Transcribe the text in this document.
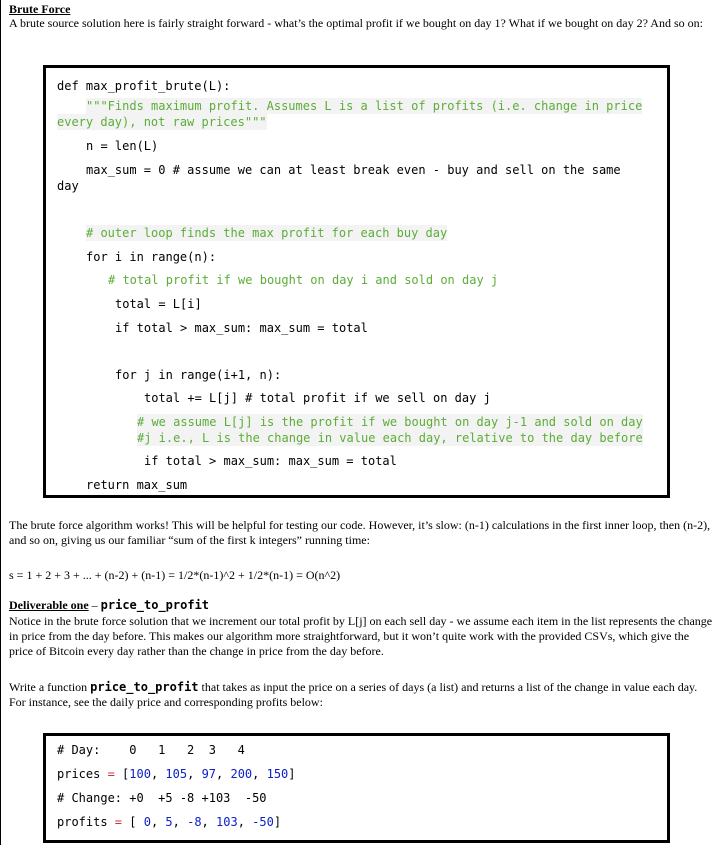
Brute Force
A brute source solution here is fairly straight forward - what’s the optimal profit if we bought on day 1? What if we bought on day 2? And so on:
def max_profit_brute(L):
"""Finds maximum profit. Assumes L is a list of profits (i.e. change in price
every day), not raw prices"""
n = len(L)
max_sum = 0 # assume we can at least break even - buy and sell on the same
day
# outer loop finds the max profit for each buy day
for i in range(n):
# total profit if we bought on day i and sold on day j
total = L[i]
if total > max_sum: max_sum = total
for j in range(i+1, n):
total += L[j] # total profit if we sell on day j
# we assume L[j] is the profit if we bought on day j-1 and sold on day
#j i.e., L is the change in value each day, relative to the day before
if total > max_sum: max_sum = total
return max_sum
The brute force algorithm works! This will be helpful for testing our code. However, it’s slow: (n-1) calculations in the first inner loop, then (n-2), and so on, giving us our familiar “sum of the first k integers” running time:
s = 1 + 2 + 3 + ... + (n-2) + (n-1) = 1/2*(n-1)^2 + 1/2*(n-1) = O(n^2)
Deliverable one – price_to_profit
Notice in the brute force solution that we increment our total profit by L[j] on each sell day - we assume each item in the list represents the change in price from the day before. This makes our algorithm more straightforward, but it won’t quite work with the provided CSVs, which give the price of Bitcoin every day rather than the change in price from the day before.
Write a function price_to_profit that takes as input the price on a series of days (a list) and returns a list of the change in value each day. For instance, see the daily price and corresponding profits below:
# Day:    0   1   2  3   4
prices = [100, 105, 97, 200, 150]
# Change: +0  +5 -8 +103  -50
profits = [ 0, 5, -8, 103, -50]
